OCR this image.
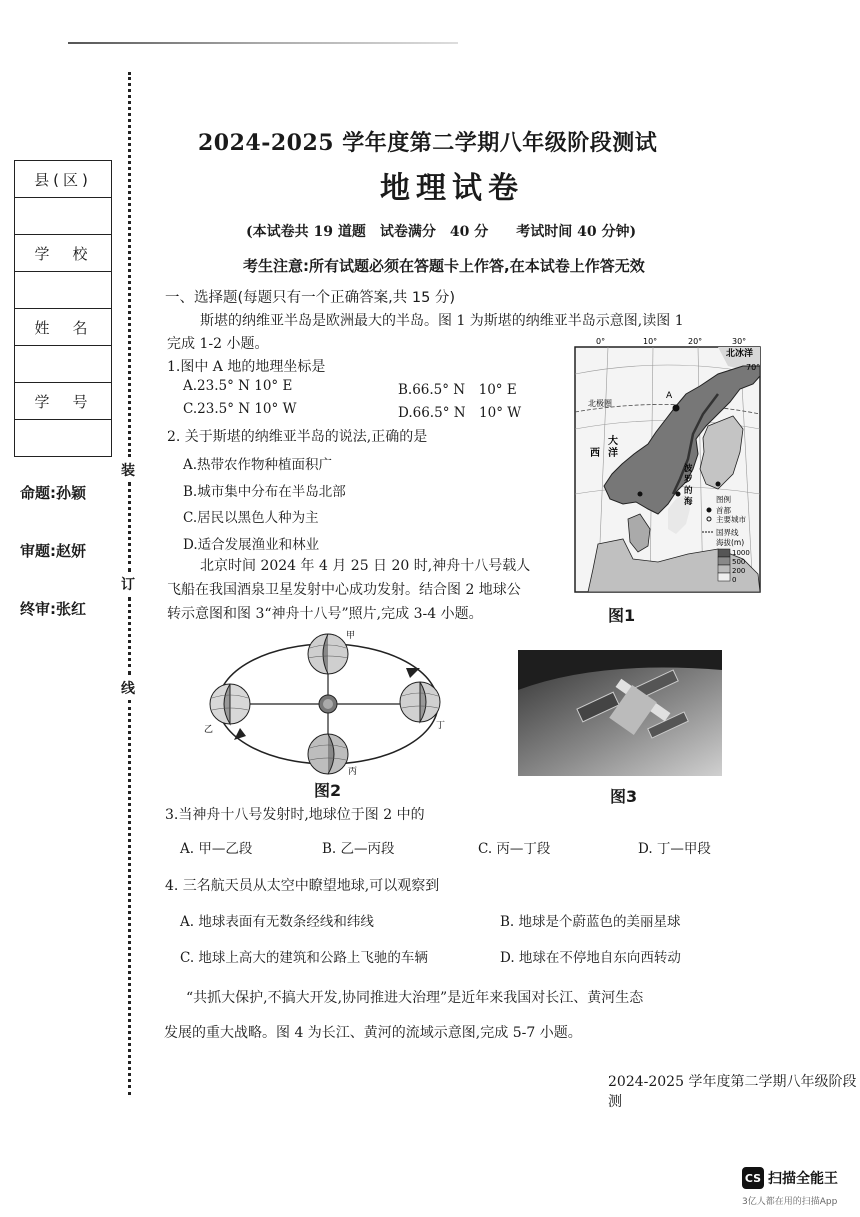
装
订
线
县(区)
学　校
姓　名
学　号
命题:孙颖
审题:赵妍
终审:张红
2024-2025 学年度第二学期八年级阶段测试
地理试卷
(本试卷共 19 道题　试卷满分　40 分　　考试时间 40 分钟)
考生注意:所有试题必须在答题卡上作答,在本试卷上作答无效
一、选择题(每题只有一个正确答案,共 15 分)
斯堪的纳维亚半岛是欧洲最大的半岛。图 1 为斯堪的纳维亚半岛示意图,读图 1
完成 1-2 小题。
1.图中 A 地的地理坐标是
A.23.5° N 10° E	B.66.5° N　10° E
C.23.5° N 10° W	D.66.5° N　10° W
2. 关于斯堪的纳维亚半岛的说法,正确的是
A.热带农作物种植面积广
B.城市集中分布在半岛北部
C.居民以黑色人种为主
D.适合发展渔业和林业
北京时间 2024 年 4 月 25 日 20 时,神舟十八号载人
飞船在我国酒泉卫星发射中心成功发射。结合图 2 地球公
转示意图和图 3“神舟十八号”照片,完成 3-4 小题。
A
0°	10°	20°	30°
70°
北冰洋
北极圈
大
西 洋
波
罗
的
海	图例
首都
主要城市
国界线
海拔(m)
1000
500
200
0
图1
甲
乙
丙
丁
图2	图3
3.当神舟十八号发射时,地球位于图 2 中的
A. 甲—乙段	B. 乙—丙段	C. 丙—丁段	D. 丁—甲段
4. 三名航天员从太空中瞭望地球,可以观察到
A. 地球表面有无数条经线和纬线	B. 地球是个蔚蓝色的美丽星球
C. 地球上高大的建筑和公路上飞驰的车辆	D. 地球在不停地自东向西转动
“共抓大保护,不搞大开发,协同推进大治理”是近年来我国对长江、黄河生态
发展的重大战略。图 4 为长江、黄河的流域示意图,完成 5-7 小题。
2024-2025 学年度第二学期八年级阶段测
CS 扫描全能王
3亿人都在用的扫描App
